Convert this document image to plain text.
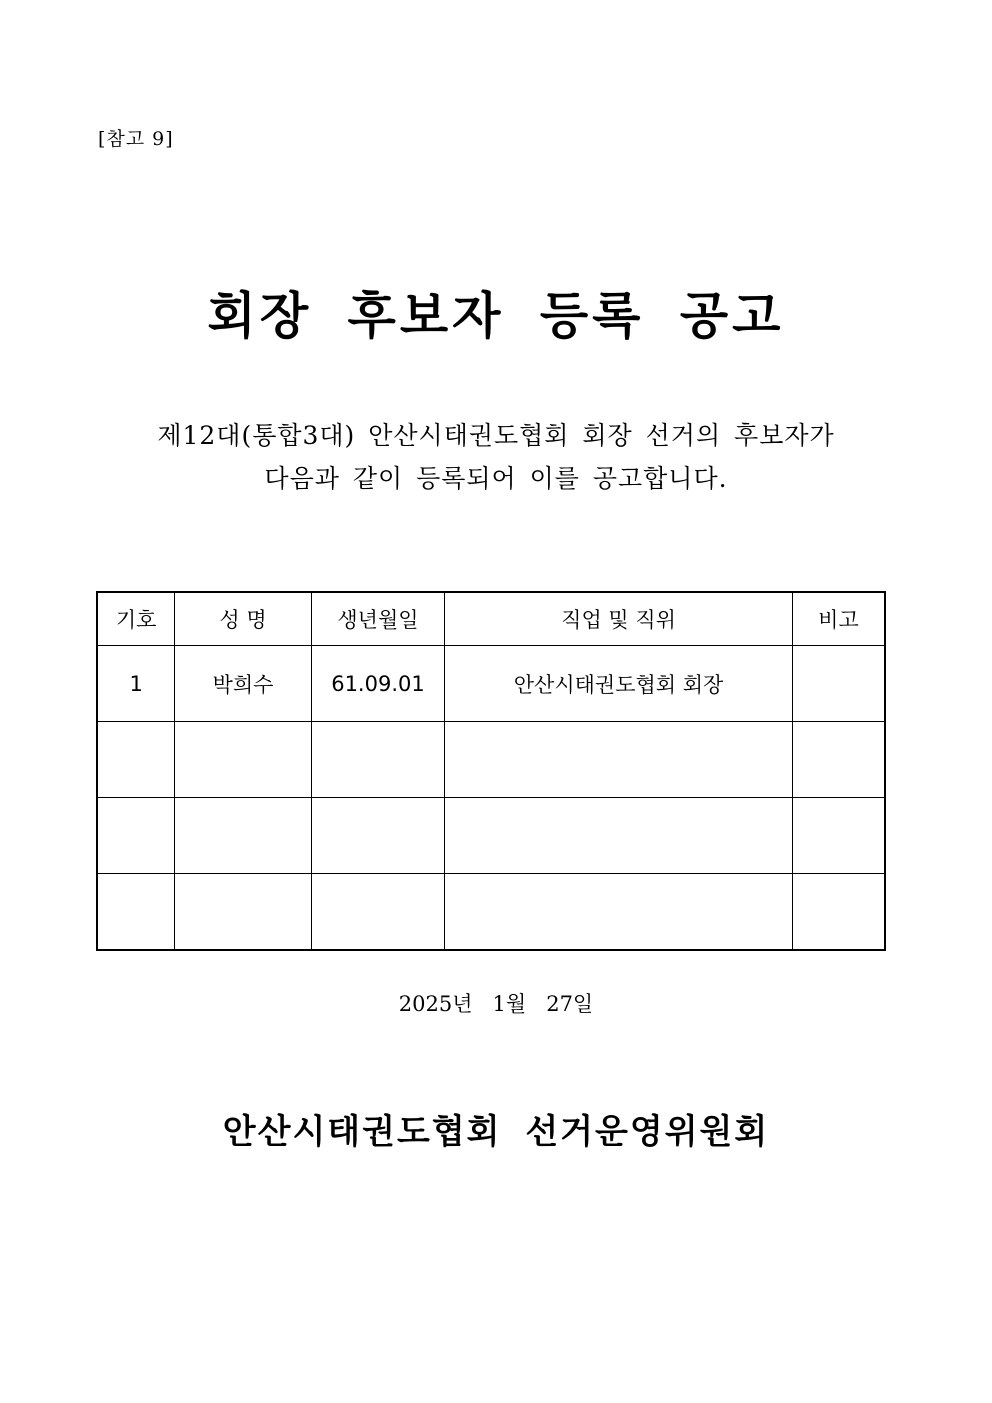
[참고 9]
회장 후보자 등록 공고
제12대(통합3대) 안산시태권도협회 회장 선거의 후보자가
다음과 같이 등록되어 이를 공고합니다.
기호	성 명	생년월일	직업 및 직위	비고
1	박희수	61.09.01	안산시태권도협회 회장	

2025년   1월   27일
안산시태권도협회 선거운영위원회
